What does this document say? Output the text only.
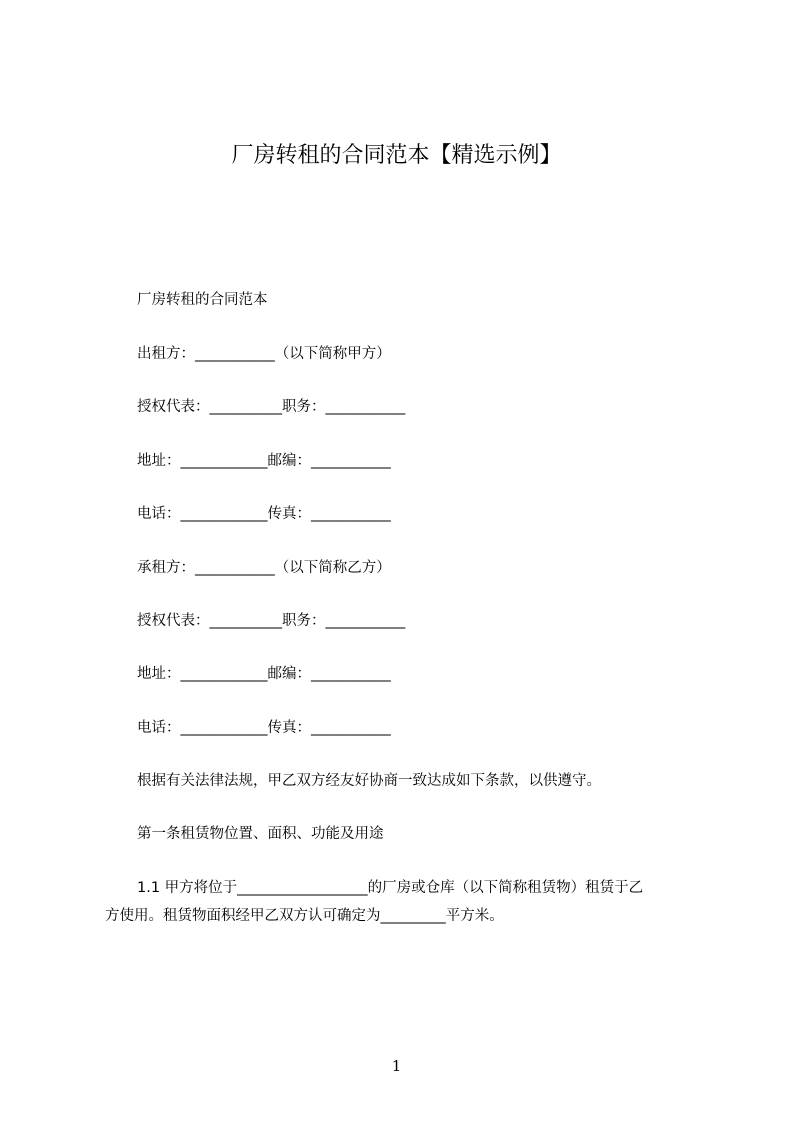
厂房转租的合同范本【精选示例】
厂房转租的合同范本
出租方：___________（以下简称甲方）
授权代表：__________职务：___________
地址：____________邮编：___________
电话：____________传真：___________
承租方：___________（以下简称乙方）
授权代表：__________职务：___________
地址：____________邮编：___________
电话：____________传真：___________
根据有关法律法规，甲乙双方经友好协商一致达成如下条款，以供遵守。
第一条租赁物位置、面积、功能及用途
1.1 甲方将位于__________________的厂房或仓库（以下简称租赁物）租赁于乙
方使用。租赁物面积经甲乙双方认可确定为_________平方米。
1
